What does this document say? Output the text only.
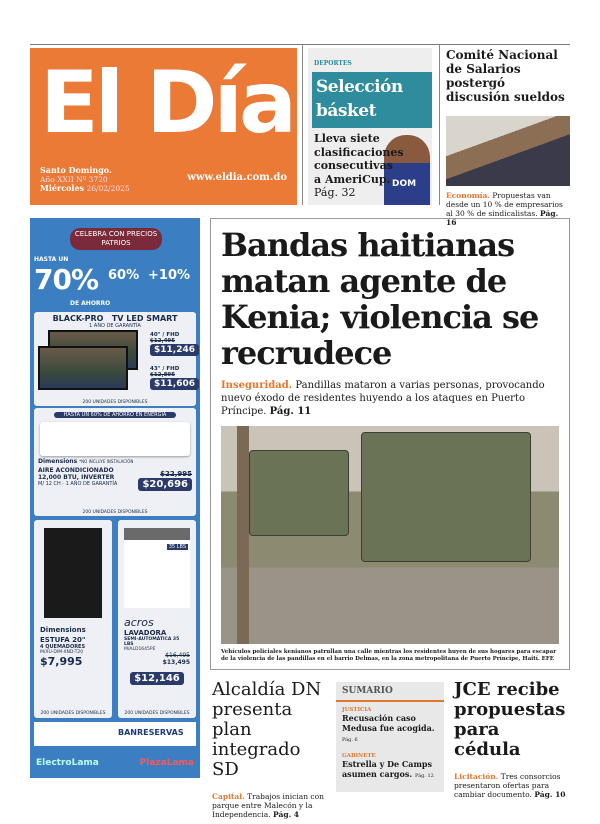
El Día
Santo Domingo.
Año XXII Nº 3720
Miércoles 26/02/2025
www.eldia.com.do
DEPORTES
Selección básket
DOM
Lleva siete clasificaciones consecutivas a AmeriCup.
Pág. 32
Comité Nacional de Salarios postergó discusión sueldos

Economía. Propuestas van desde un 10 % de empresarios al 30 % de sindicalistas. Pág. 16

CELEBRA CON PRECIOS PATRIOS
HASTA UN
70%
DE AHORRO
60% +10%
BLACK-PRO TV LED SMART
1 AÑO DE GARANTÍA
40" / FHD
$12,495
$11,246
43" / FHD
$12,895
$11,606
200 UNIDADES DISPONIBLES
HASTA UN 60% DE AHORRO EN ENERGÍA
Dimensions *NO INCLUYE INSTALACIÓN
AIRE ACONDICIONADO 12,000 BTU, INVERTER
M/ 12 CH · 1 AÑO DE GARANTÍA
$22,995
$20,696
200 UNIDADES DISPONIBLES
Dimensions
ESTUFA 20"
4 QUEMADORES
M/XU-DIM-XND-T20
$7,995
200 UNIDADES DISPONIBLES
35 LBS
acros
LAVADORA
SEMI-AUTOMÁTICA 35 LBS
M/ALD1645PE
$16,495
$13,495
$12,146
200 UNIDADES DISPONIBLES
BANRESERVAS
ElectroLama	PlazaLama
Bandas haitianas matan agente de Kenia; violencia se recrudece
Inseguridad. Pandillas mataron a varias personas, provocando nuevo éxodo de residentes huyendo a los ataques en Puerto Príncipe. Pág. 11
Vehículos policiales kenianos patrullan una calle mientras los residentes huyen de sus hogares para escapar de la violencia de las pandillas en el barrio Delmas, en la zona metropolitana de Puerto Príncipe, Haití. EFE
Alcaldía DN presenta plan integrado SD

Capital. Trabajos inician con parque entre Malecón y la Independencia. Pág. 4

SUMARIO
JUSTICIA
Recusación caso Medusa fue acogida. Pág. 6
GABINETE
Estrella y De Camps asumen cargos. Pág. 12
JCE recibe propuestas para cédula

Licitación. Tres consorcios presentaron ofertas para cambiar documento. Pág. 10
